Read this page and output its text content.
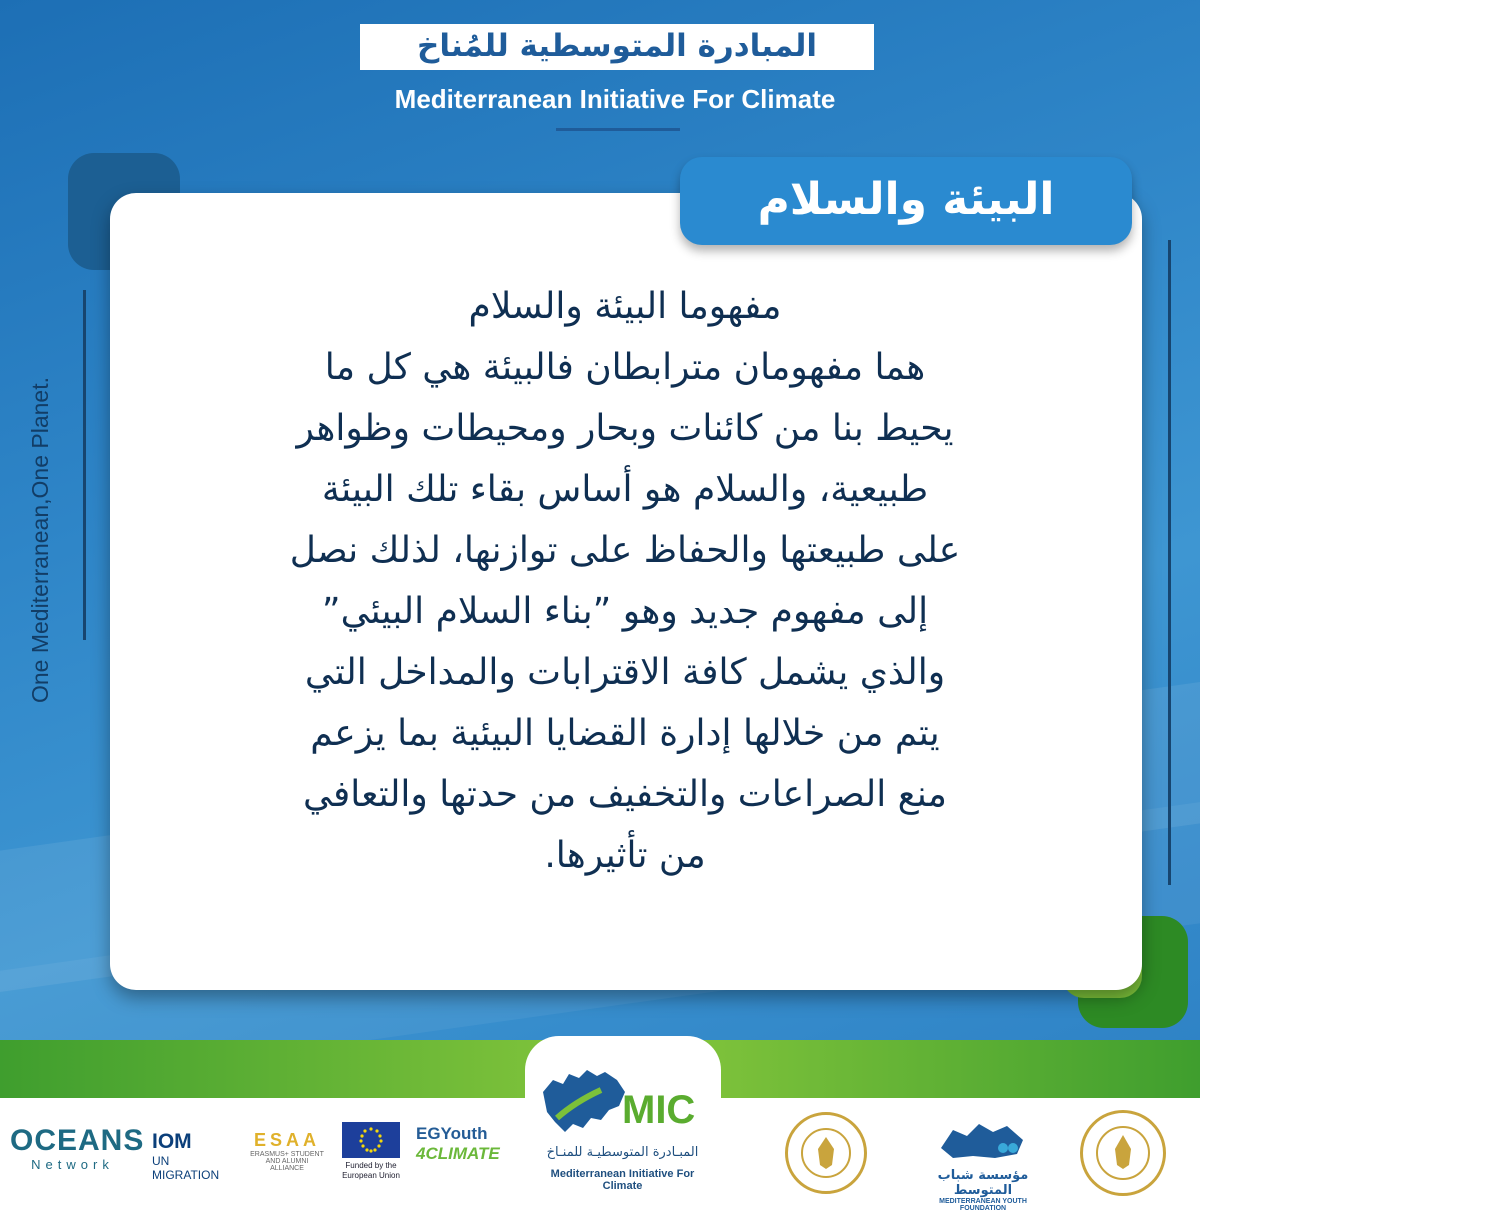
المبادرة المتوسطية للمُناخ
Mediterranean Initiative For Climate
One Mediterranean,One Planet.
البيئة والسلام
مفهوما البيئة والسلام
هما مفهومان مترابطان فالبيئة هي كل ما
يحيط بنا من كائنات وبحار ومحيطات وظواهر
طبيعية، والسلام هو أساس بقاء تلك البيئة
على طبيعتها والحفاظ على توازنها، لذلك نصل
إلى مفهوم جديد وهو ”بناء السلام البيئي”
والذي يشمل كافة الاقترابات والمداخل التي
يتم من خلالها إدارة القضايا البيئية بما يزعم
منع الصراعات والتخفيف من حدتها والتعافي
من تأثيرها.
MIC
المبـادرة المتوسطيـة للمنـاخ
Mediterranean Initiative For Climate
OCEANS
Network
IOM
UN MIGRATION
ESAA
ERASMUS+ STUDENT AND ALUMNI ALLIANCE	Funded by the European Union
EGYouth
4CLIMATE
مؤسسة شباب المتوسط
MEDITERRANEAN YOUTH FOUNDATION
